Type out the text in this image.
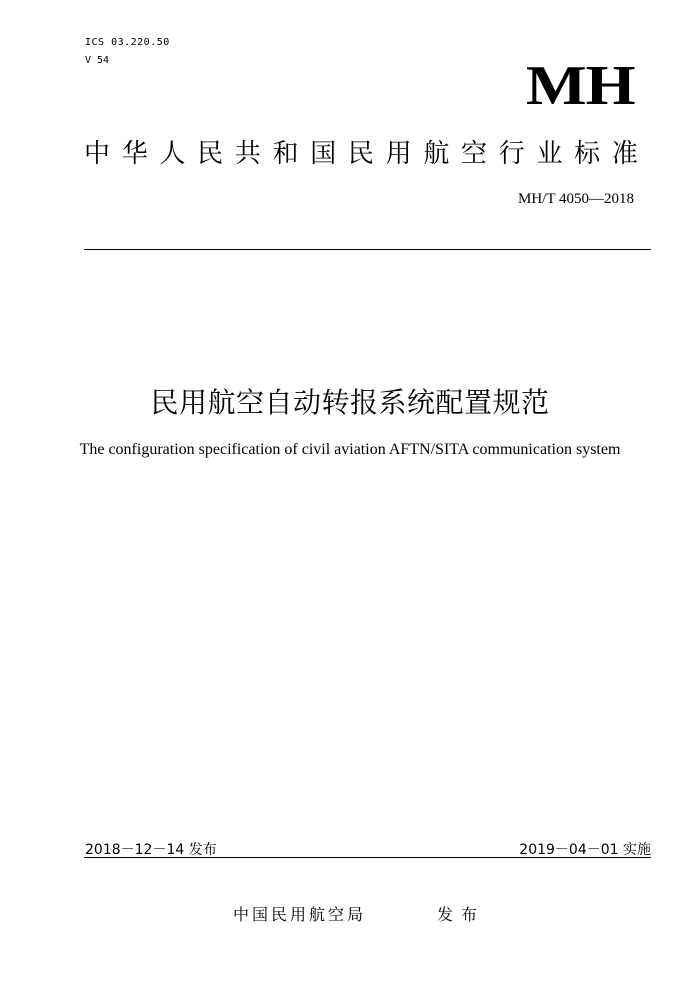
ICS 03.220.50
V 54	MH
中 华 人 民 共 和 国 民 用 航 空 行 业 标 准
MH/T 4050—2018
民用航空自动转报系统配置规范
The configuration specification of civil aviation AFTN/SITA communication system
2018－12－14 发布	2019－04－01 实施
中国民用航空局	发布
